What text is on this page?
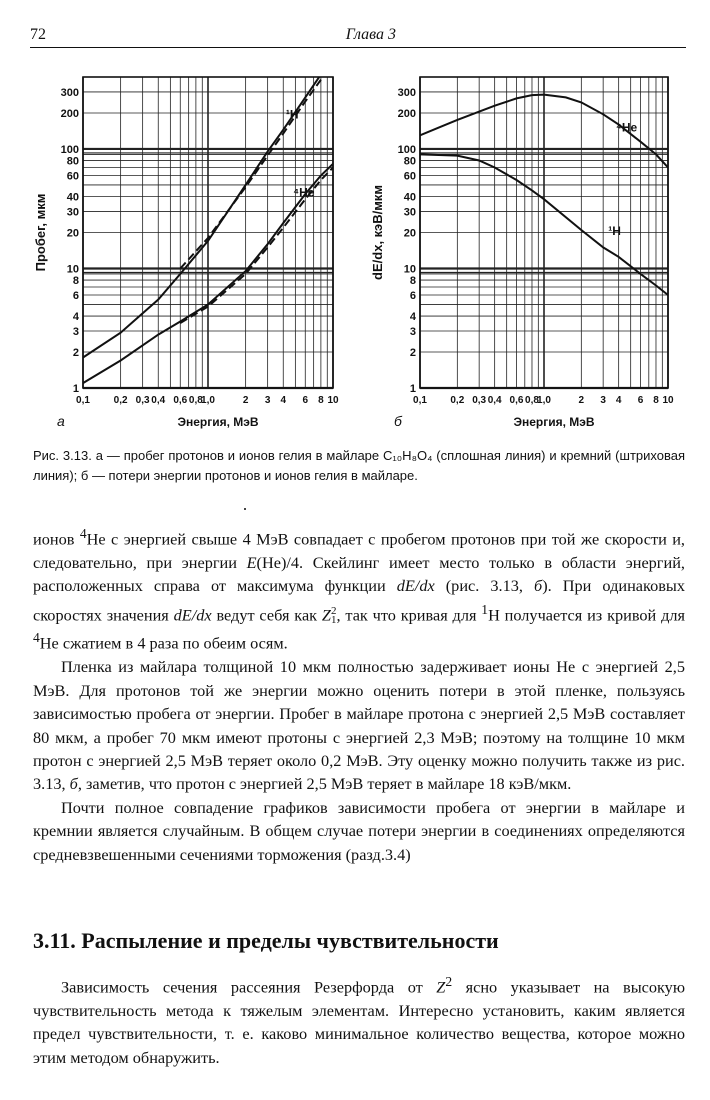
72	Глава 3
1
2
3
4
6
8
10
20
30
40
60
80
100
200
300
0,1 0,2 0,3 0,4 0,6 0,8
1,0	2 3 4 6 8 10
Энергия, МэВ
Пробег, мкм
а
¹H
⁴He
1
2
3
4
6
8
10
20
30
40
60
80
100
200
300
0,1 0,2 0,3 0,4 0,6 0,8
1,0	2 3 4 6 8 10
Энергия, МэВ
dE/dx, кэВ/мкм
б
⁴He
¹H
Рис. 3.13. а — пробег протонов и ионов гелия в майларе C₁₀H₈O₄ (сплошная линия) и кремний (штриховая линия); б — потери энергии протонов и ионов гелия в майларе.

ионов $^4$He с энергией свыше 4 МэВ совпадает с пробегом протонов при той же скорости и, следовательно, при энергии E(He)/4. Скейлинг имеет место только в области энергий, расположенных справа от максимума функции dE/dx (рис. 3.13, б). При одинаковых скоростях значения dE/dx ведут себя как Z 2
1 , так что кривая для $^1$H получается из кривой для $^4$He сжатием в 4 раза по обеим осям.

Пленка из майлара толщиной 10 мкм полностью задерживает ионы He с энергией 2,5 МэВ. Для протонов той же энергии можно оценить потери в этой пленке, пользуясь зависимостью пробега от энергии. Пробег в майларе протона с энергией 2,5 МэВ составляет 80 мкм, а пробег 70 мкм имеют протоны с энергией 2,3 МэВ; поэтому на толщине 10 мкм протон с энергией 2,5 МэВ теряет около 0,2 МэВ. Эту оценку можно получить также из рис. 3.13, б, заметив, что протон с энергией 2,5 МэВ теряет в майларе 18 кэВ/мкм.

Почти полное совпадение графиков зависимости пробега от энергии в майларе и кремнии является случайным. В общем случае потери энергии в соединениях определяются средневзвешенными сечениями торможения (разд.3.4)

3.11. Распыление и пределы чувствительности
Зависимость сечения рассеяния Резерфорда от $Z^2$ ясно указывает на высокую чувствительность метода к тяжелым элементам. Интересно установить, каким является предел чувствительности, т. е. каково минимальное количество вещества, которое можно этим методом обнаружить.
